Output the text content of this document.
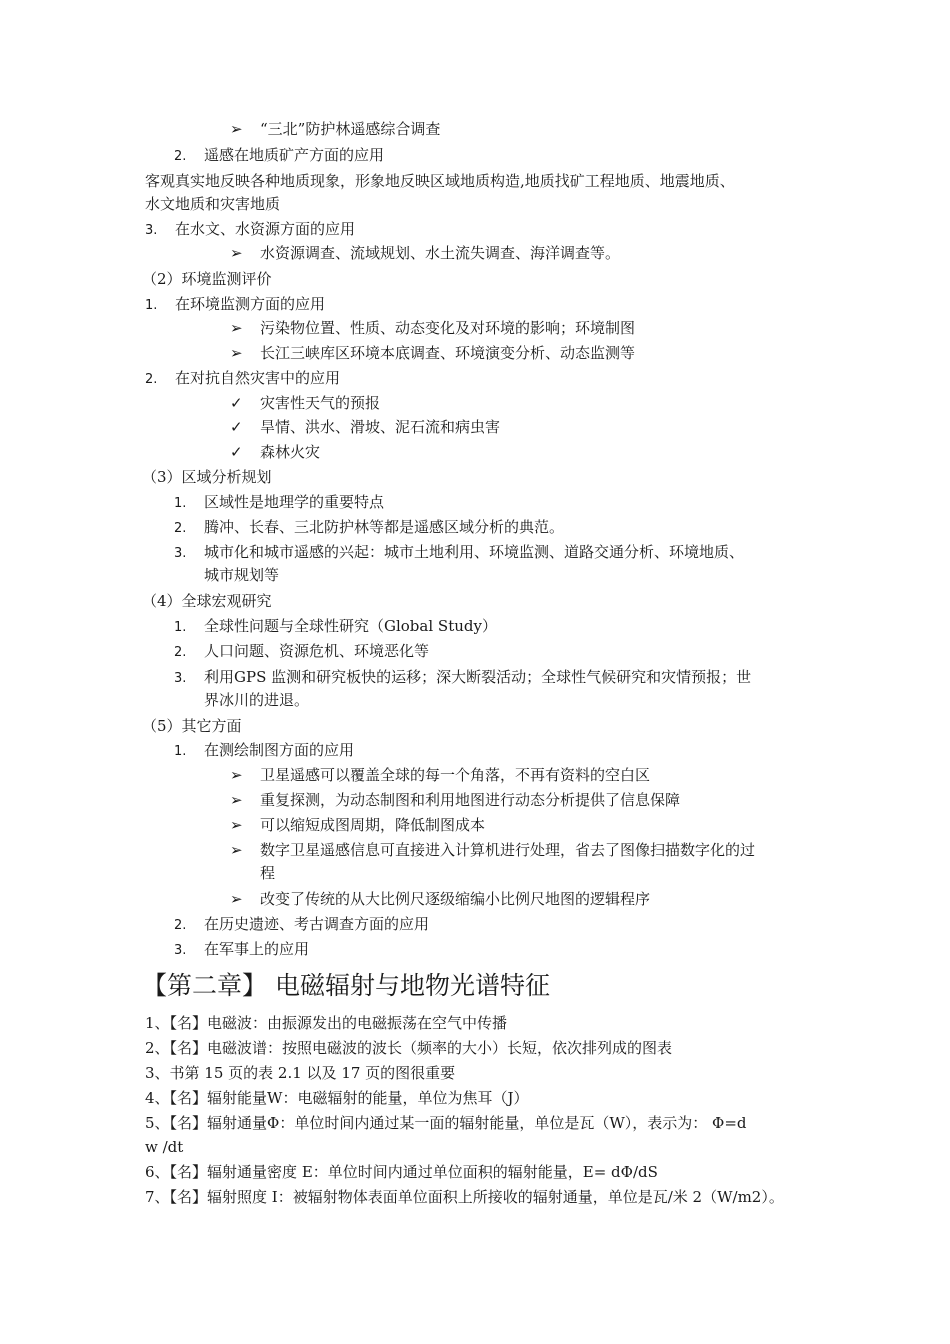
➢ “三北”防护林遥感综合调查
2. 遥感在地质矿产方面的应用
客观真实地反映各种地质现象，形象地反映区域地质构造,地质找矿工程地质、地震地质、
水文地质和灾害地质
3. 在水文、水资源方面的应用
➢ 水资源调查、流域规划、水土流失调查、海洋调查等。
（2）环境监测评价
1. 在环境监测方面的应用
➢ 污染物位置、性质、动态变化及对环境的影响；环境制图
➢ 长江三峡库区环境本底调查、环境演变分析、动态监测等
2. 在对抗自然灾害中的应用
✓ 灾害性天气的预报
✓ 旱情、洪水、滑坡、泥石流和病虫害
✓ 森林火灾
（3）区域分析规划
1. 区域性是地理学的重要特点
2. 腾冲、长春、三北防护林等都是遥感区域分析的典范。
3. 城市化和城市遥感的兴起：城市土地利用、环境监测、道路交通分析、环境地质、
城市规划等
（4）全球宏观研究
1. 全球性问题与全球性研究（Global Study）
2. 人口问题、资源危机、环境恶化等
3. 利用GPS 监测和研究板快的运移；深大断裂活动；全球性气候研究和灾情预报；世
界冰川的进退。
（5）其它方面
1. 在测绘制图方面的应用
➢ 卫星遥感可以覆盖全球的每一个角落，不再有资料的空白区
➢ 重复探测，为动态制图和利用地图进行动态分析提供了信息保障
➢ 可以缩短成图周期，降低制图成本
➢ 数字卫星遥感信息可直接进入计算机进行处理，省去了图像扫描数字化的过
程
➢ 改变了传统的从大比例尺逐级缩编小比例尺地图的逻辑程序
2. 在历史遗迹、考古调查方面的应用
3. 在军事上的应用
【第二章】 电磁辐射与地物光谱特征
1、【名】电磁波：由振源发出的电磁振荡在空气中传播
2、【名】电磁波谱：按照电磁波的波长（频率的大小）长短，依次排列成的图表
3、书第 15 页的表 2.1 以及 17 页的图很重要
4、【名】辐射能量W：电磁辐射的能量，单位为焦耳（J）
5、【名】辐射通量Φ：单位时间内通过某一面的辐射能量，单位是瓦（W），表示为： Φ=d
w /dt
6、【名】辐射通量密度 E：单位时间内通过单位面积的辐射能量，E= dΦ/dS
7、【名】辐射照度 I：被辐射物体表面单位面积上所接收的辐射通量，单位是瓦/米 2（W/m2）。
